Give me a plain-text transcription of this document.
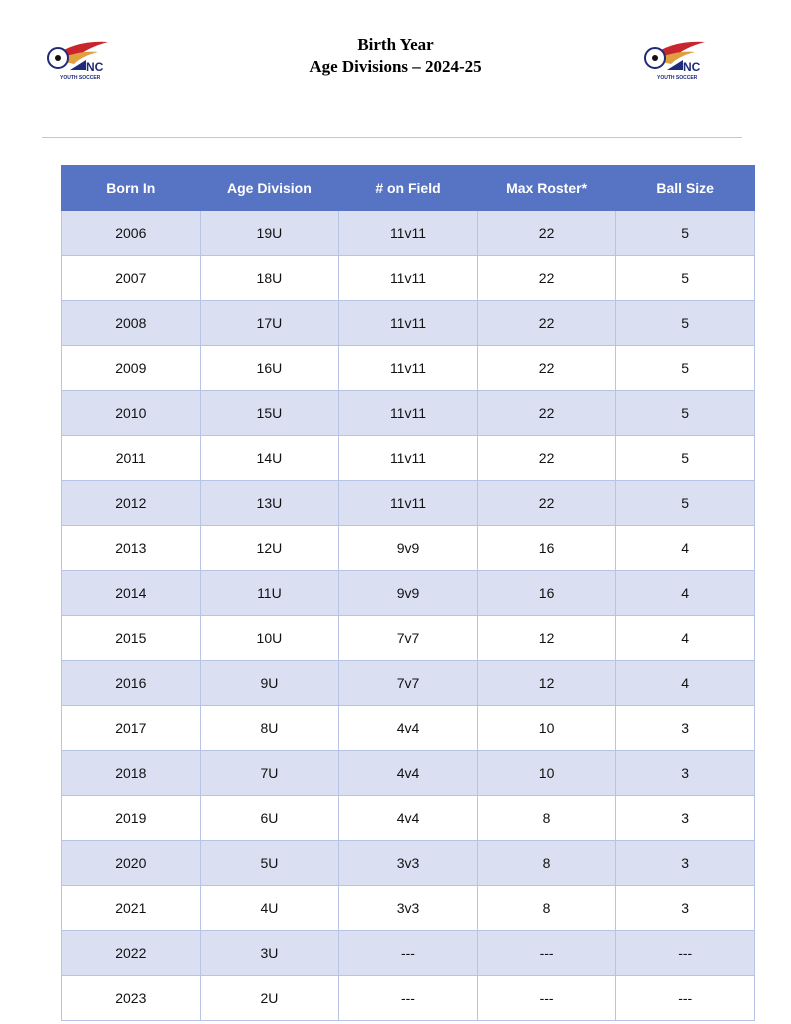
NC
YOUTH SOCCER
Birth Year
Age Divisions – 2024-25	NC
YOUTH SOCCER
Born In	Age Division	# on Field	Max Roster*	Ball Size
2006	19U	11v11	22	5
2007	18U	11v11	22	5
2008	17U	11v11	22	5
2009	16U	11v11	22	5
2010	15U	11v11	22	5
2011	14U	11v11	22	5
2012	13U	11v11	22	5
2013	12U	9v9	16	4
2014	11U	9v9	16	4
2015	10U	7v7	12	4
2016	9U	7v7	12	4
2017	8U	4v4	10	3
2018	7U	4v4	10	3
2019	6U	4v4	8	3
2020	5U	3v3	8	3
2021	4U	3v3	8	3
2022	3U	---	---	---
2023	2U	---	---	---
